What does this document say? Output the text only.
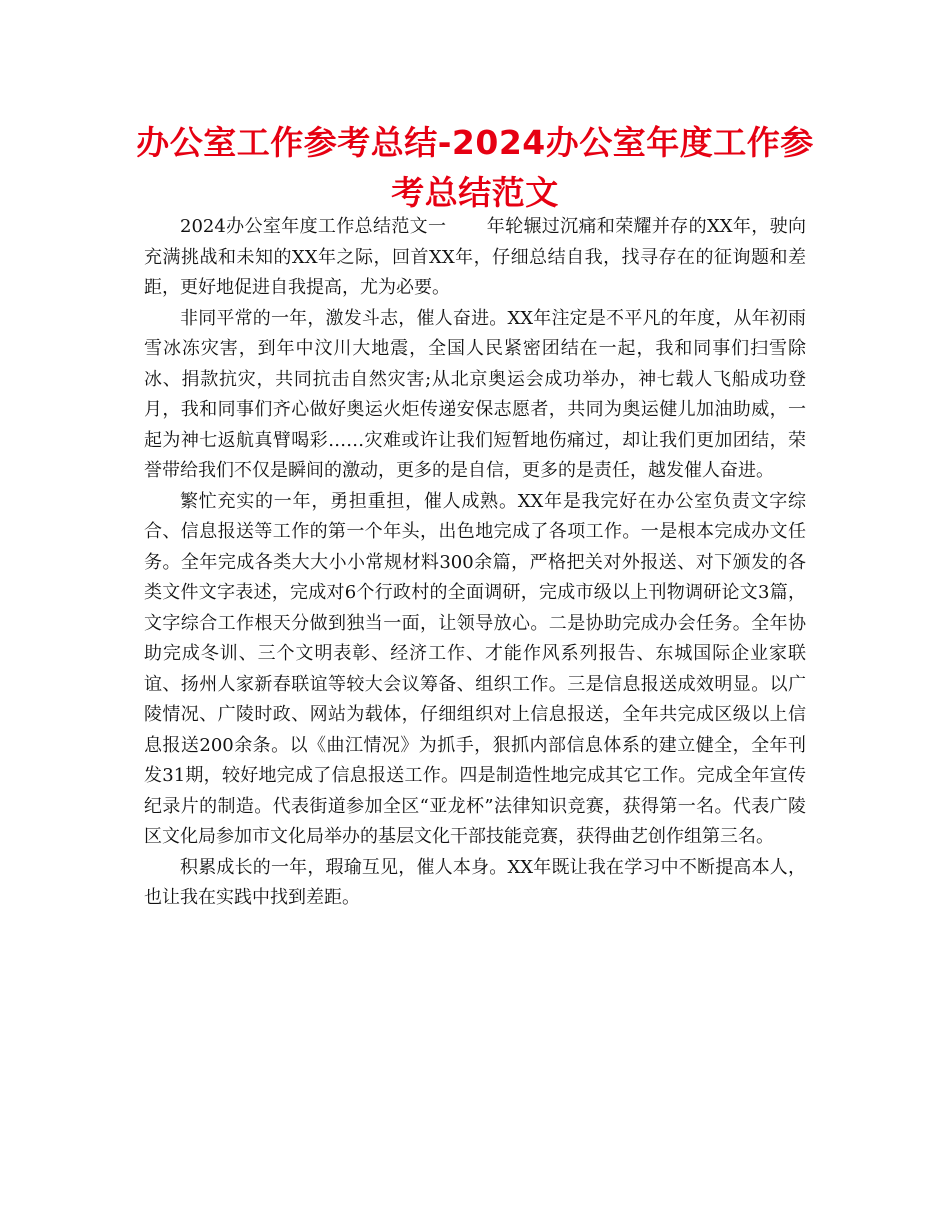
办公室工作参考总结-2024办公室年度工作参考总结范文

2024办公室年度工作总结范文一 年轮辗过沉痛和荣耀并存的XX年，驶向充满挑战和未知的XX年之际，回首XX年，仔细总结自我，找寻存在的征询题和差距，更好地促进自我提高，尤为必要。

非同平常的一年，激发斗志，催人奋进。XX年注定是不平凡的年度，从年初雨雪冰冻灾害，到年中汶川大地震，全国人民紧密团结在一起，我和同事们扫雪除冰、捐款抗灾，共同抗击自然灾害;从北京奥运会成功举办，神七载人飞船成功登月，我和同事们齐心做好奥运火炬传递安保志愿者，共同为奥运健儿加油助威，一起为神七返航真臂喝彩……灾难或许让我们短暂地伤痛过，却让我们更加团结，荣誉带给我们不仅是瞬间的激动，更多的是自信，更多的是责任，越发催人奋进。

繁忙充实的一年，勇担重担，催人成熟。XX年是我完好在办公室负责文字综合、信息报送等工作的第一个年头，出色地完成了各项工作。一是根本完成办文任务。全年完成各类大大小小常规材料300余篇，严格把关对外报送、对下颁发的各类文件文字表述，完成对6个行政村的全面调研，完成市级以上刊物调研论文3篇，文字综合工作根天分做到独当一面，让领导放心。二是协助完成办会任务。全年协助完成冬训、三个文明表彰、经济工作、才能作风系列报告、东城国际企业家联谊、扬州人家新春联谊等较大会议筹备、组织工作。三是信息报送成效明显。以广陵情况、广陵时政、网站为载体，仔细组织对上信息报送，全年共完成区级以上信息报送200余条。以《曲江情况》为抓手，狠抓内部信息体系的建立健全，全年刊发31期，较好地完成了信息报送工作。四是制造性地完成其它工作。完成全年宣传纪录片的制造。代表街道参加全区“亚龙杯”法律知识竞赛，获得第一名。代表广陵区文化局参加市文化局举办的基层文化干部技能竞赛，获得曲艺创作组第三名。

积累成长的一年，瑕瑜互见，催人本身。XX年既让我在学习中不断提高本人，也让我在实践中找到差距。
